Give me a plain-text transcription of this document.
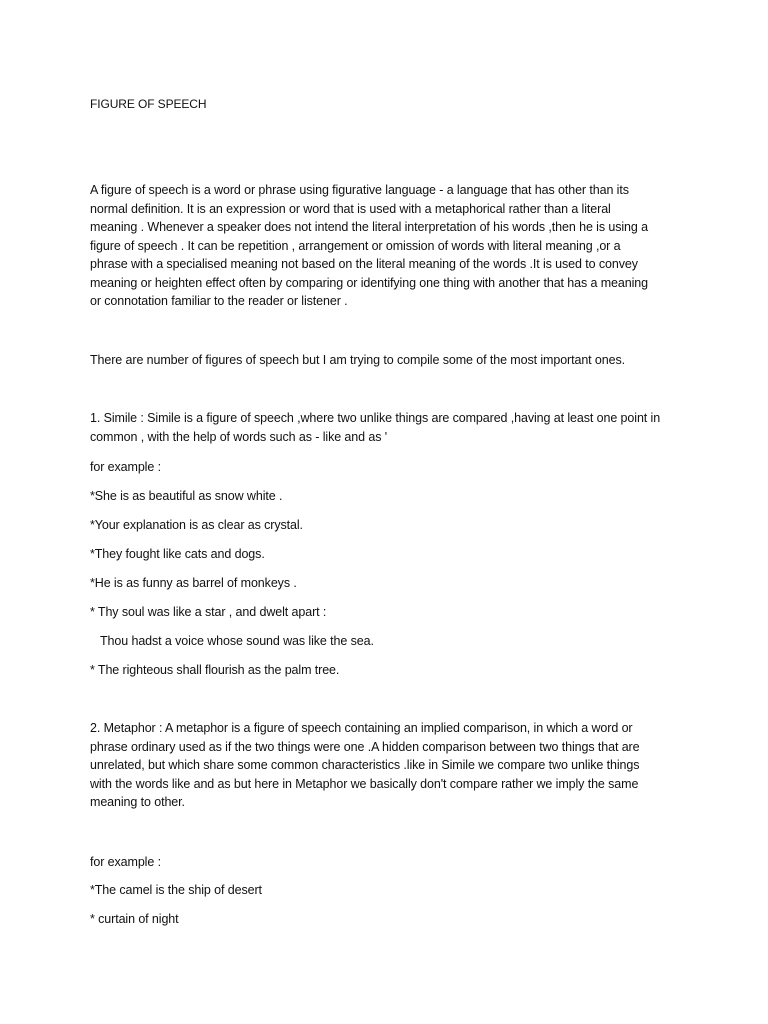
FIGURE OF SPEECH
A figure of speech is a word or phrase using figurative language - a language that has other than its
normal definition. It is an expression or word that is used with a metaphorical rather than a literal
meaning . Whenever a speaker does not intend the literal interpretation of his words ,then he is using a
figure of speech . It can be repetition , arrangement or omission of words with literal meaning ,or a
phrase with a specialised meaning not based on the literal meaning of the words .It is used to convey
meaning or heighten effect often by comparing or identifying one thing with another that has a meaning
or connotation familiar to the reader or listener .
There are number of figures of speech but I am trying to compile some of the most important ones.
1. Simile : Simile is a figure of speech ,where two unlike things are compared ,having at least one point in
common , with the help of words such as - like and as '
for example :
*She is as beautiful as snow white .
*Your explanation is as clear as crystal.
*They fought like cats and dogs.
*He is as funny as barrel of monkeys .
* Thy soul was like a star , and dwelt apart :
Thou hadst a voice whose sound was like the sea.
* The righteous shall flourish as the palm tree.
2. Metaphor : A metaphor is a figure of speech containing an implied comparison, in which a word or
phrase ordinary used as if the two things were one .A hidden comparison between two things that are
unrelated, but which share some common characteristics .like in Simile we compare two unlike things
with the words like and as but here in Metaphor we basically don't compare rather we imply the same
meaning to other.
for example :
*The camel is the ship of desert
* curtain of night
